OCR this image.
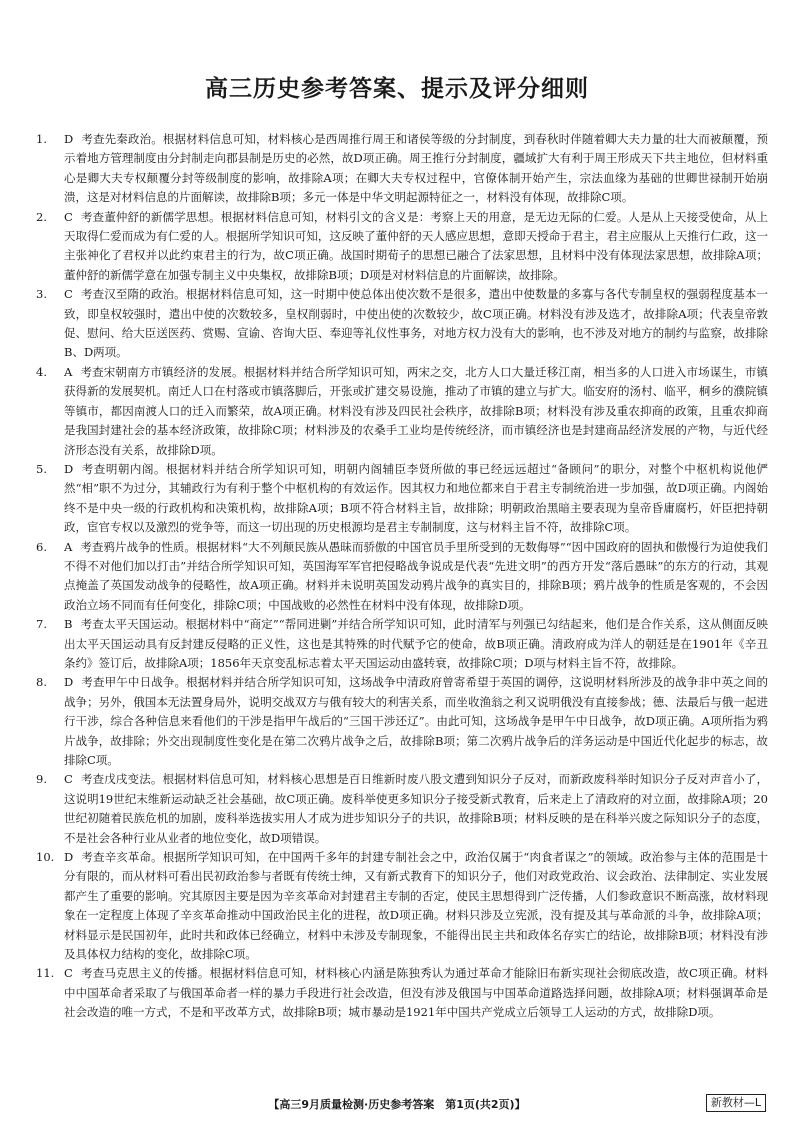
高三历史参考答案、提示及评分细则
1. D 考查先秦政治。根据材料信息可知，材料核心是西周推行周王和诸侯等级的分封制度，到春秋时伴随着卿大夫力量的壮大而被颠覆，预示着地方管理制度由分封制走向郡县制是历史的必然，故D项正确。周王推行分封制度，疆域扩大有利于周王形成天下共主地位，但材料重心是卿大夫专权颠覆分封等级制度的影响，故排除A项；在卿大夫专权过程中，官僚体制开始产生，宗法血缘为基础的世卿世禄制开始崩溃，这是对材料信息的片面解读，故排除B项；多元一体是中华文明起源特征之一，材料没有体现，故排除C项。
2. C 考查董仲舒的新儒学思想。根据材料信息可知，材料引文的含义是：考察上天的用意，是无边无际的仁爱。人是从上天接受使命，从上天取得仁爱而成为有仁爱的人。根据所学知识可知，这反映了董仲舒的天人感应思想，意即天授命于君主，君主应服从上天推行仁政，这一主张神化了君权并以此约束君主的行为，故C项正确。战国时期荀子的思想已融合了法家思想，且材料中没有体现法家思想，故排除A项；董仲舒的新儒学意在加强专制主义中央集权，故排除B项；D项是对材料信息的片面解读，故排除。
3. C 考查汉至隋的政治。根据材料信息可知，这一时期中使总体出使次数不是很多，遣出中使数量的多寡与各代专制皇权的强弱程度基本一致，即皇权较强时，遣出中使的次数较多，皇权削弱时，中使出使的次数较少，故C项正确。材料没有涉及选才，故排除A项；代表皇帝敦促、慰问、给大臣送医药、赏赐、宣谕、咨询大臣、奉迎等礼仪性事务，对地方权力没有大的影响，也不涉及对地方的制约与监察，故排除B、D两项。
4. A 考查宋朝南方市镇经济的发展。根据材料并结合所学知识可知，两宋之交，北方人口大量迁移江南，相当多的人口进入市场谋生，市镇获得新的发展契机。南迁人口在村落或市镇落脚后，开张或扩建交易设施，推动了市镇的建立与扩大。临安府的汤村、临平，桐乡的濮院镇等镇市，都因南渡人口的迁入而繁荣，故A项正确。材料没有涉及四民社会秩序，故排除B项；材料没有涉及重农抑商的政策，且重农抑商是我国封建社会的基本经济政策，故排除C项；材料涉及的农桑手工业均是传统经济，而市镇经济也是封建商品经济发展的产物，与近代经济形态没有关系，故排除D项。
5. D 考查明朝内阁。根据材料并结合所学知识可知，明朝内阁辅臣李贤所做的事已经远远超过“备顾问”的职分，对整个中枢机构说他俨然“相”职不为过分，其辅政行为有利于整个中枢机构的有效运作。因其权力和地位都来自于君主专制统治进一步加强，故D项正确。内阁始终不是中央一级的行政机构和决策机构，故排除A项；B项不符合材料主旨，故排除；明朝政治黑暗主要表现为皇帝昏庸腐朽，奸臣把持朝政，宦官专权以及激烈的党争等，而这一切出现的历史根源均是君主专制制度，这与材料主旨不符，故排除C项。
6. A 考查鸦片战争的性质。根据材料“大不列颠民族从愚昧而骄傲的中国官员手里所受到的无数侮辱”“因中国政府的固执和傲慢行为迫使我们不得不对他们加以打击”并结合所学知识可知，英国海军军官把侵略战争说成是代表“先进文明”的西方开发“落后愚昧”的东方的行动，其观点掩盖了英国发动战争的侵略性，故A项正确。材料并未说明英国发动鸦片战争的真实目的，排除B项；鸦片战争的性质是客观的，不会因政治立场不同而有任何变化，排除C项；中国战败的必然性在材料中没有体现，故排除D项。
7. B 考查太平天国运动。根据材料中“商定”“帮同进剿”并结合所学知识可知，此时清军与列强已勾结起来，他们是合作关系，这从侧面反映出太平天国运动具有反封建反侵略的正义性，这也是其特殊的时代赋予它的使命，故B项正确。清政府成为洋人的朝廷是在1901年《辛丑条约》签订后，故排除A项；1856年天京变乱标志着太平天国运动由盛转衰，故排除C项；D项与材料主旨不符，故排除。
8. D 考查甲午中日战争。根据材料并结合所学知识可知，这场战争中清政府曾寄希望于英国的调停，这说明材料所涉及的战争非中英之间的战争；另外，俄国本无法置身局外，说明交战双方与俄有较大的利害关系，而坐收渔翁之利又说明俄没有直接参战；德、法最后与俄一起进行干涉，综合各种信息来看他们的干涉是指甲午战后的“三国干涉还辽”。由此可知，这场战争是甲午中日战争，故D项正确。A项所指为鸦片战争，故排除；外交出现制度性变化是在第二次鸦片战争之后，故排除B项；第二次鸦片战争后的洋务运动是中国近代化起步的标志，故排除C项。
9. C 考查戊戌变法。根据材料信息可知，材料核心思想是百日维新时废八股文遭到知识分子反对，而新政废科举时知识分子反对声音小了，这说明19世纪末维新运动缺乏社会基础，故C项正确。废科举使更多知识分子接受新式教育，后来走上了清政府的对立面，故排除A项；20世纪初随着民族危机的加剧，废科举选拔实用人才成为进步知识分子的共识，故排除B项；材料反映的是在科举兴废之际知识分子的态度，不是社会各种行业从业者的地位变化，故D项错误。
10. D 考查辛亥革命。根据所学知识可知，在中国两千多年的封建专制社会之中，政治仅属于“肉食者谋之”的领域。政治参与主体的范围是十分有限的，而从材料可看出民初政治参与者既有传统士绅，又有新式教育下的知识分子，他们对政党政治、议会政治、法律制定、实业发展都产生了重要的影响。究其原因主要是因为辛亥革命对封建君主专制的否定，使民主思想得到广泛传播，人们参政意识不断高涨，故材料现象在一定程度上体现了辛亥革命推动中国政治民主化的进程，故D项正确。材料只涉及立宪派，没有提及其与革命派的斗争，故排除A项；材料显示是民国初年，此时共和政体已经确立，材料中未涉及专制现象，不能得出民主共和政体名存实亡的结论，故排除B项；材料没有涉及具体权力结构的变化，故排除C项。
11. C 考查马克思主义的传播。根据材料信息可知，材料核心内涵是陈独秀认为通过革命才能除旧布新实现社会彻底改造，故C项正确。材料中中国革命者采取了与俄国革命者一样的暴力手段进行社会改造，但没有涉及俄国与中国革命道路选择问题，故排除A项；材料强调革命是社会改造的唯一方式，不是和平改革方式，故排除B项；城市暴动是1921年中国共产党成立后领导工人运动的方式，故排除D项。
【高三9月质量检测·历史参考答案　第1页(共2页)】	新教材—L
